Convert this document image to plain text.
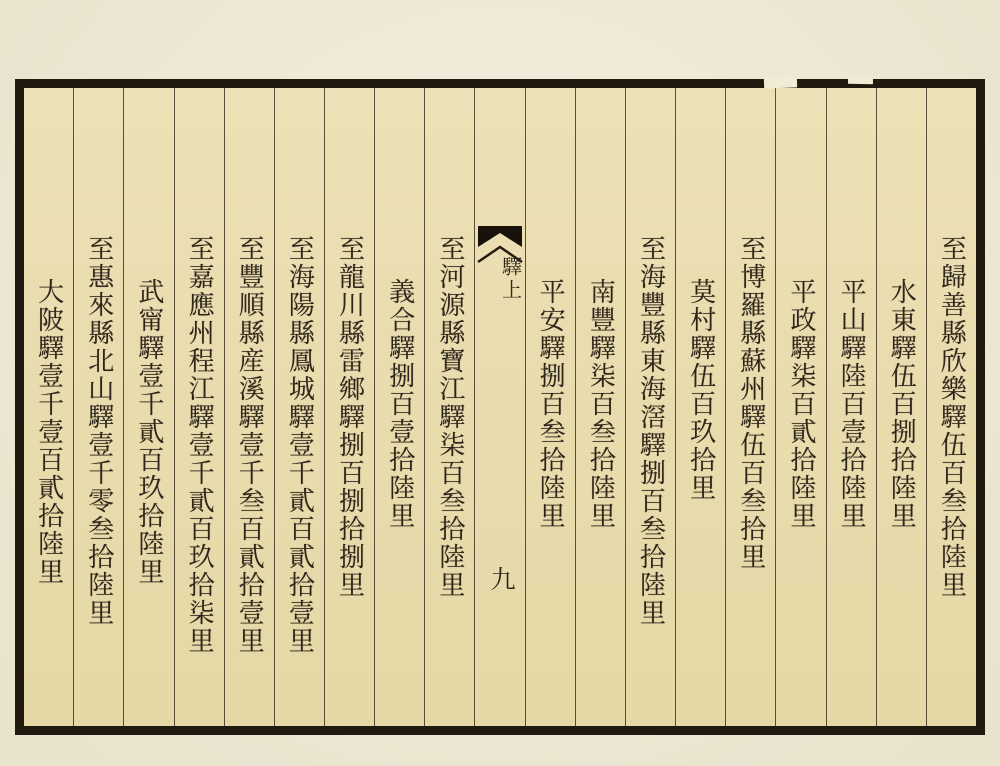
至歸善縣欣樂驛伍百叁拾陸里
水東驛伍百捌拾陸里
平山驛陸百壹拾陸里
平政驛柒百貳拾陸里
至博羅縣蘇州驛伍百叁拾里
莫村驛伍百玖拾里
至海豐縣東海滘驛捌百叁拾陸里
南豐驛柒百叁拾陸里
平安驛捌百叁拾陸里
驛上
九
至河源縣寶江驛柒百叁拾陸里
義合驛捌百壹拾陸里
至龍川縣雷鄉驛捌百捌拾捌里
至海陽縣鳳城驛壹千貳百貳拾壹里
至豐順縣産溪驛壹千叁百貳拾壹里
至嘉應州程江驛壹千貳百玖拾柒里
武甯驛壹千貳百玖拾陸里
至惠來縣北山驛壹千零叁拾陸里
大陂驛壹千壹百貳拾陸里
